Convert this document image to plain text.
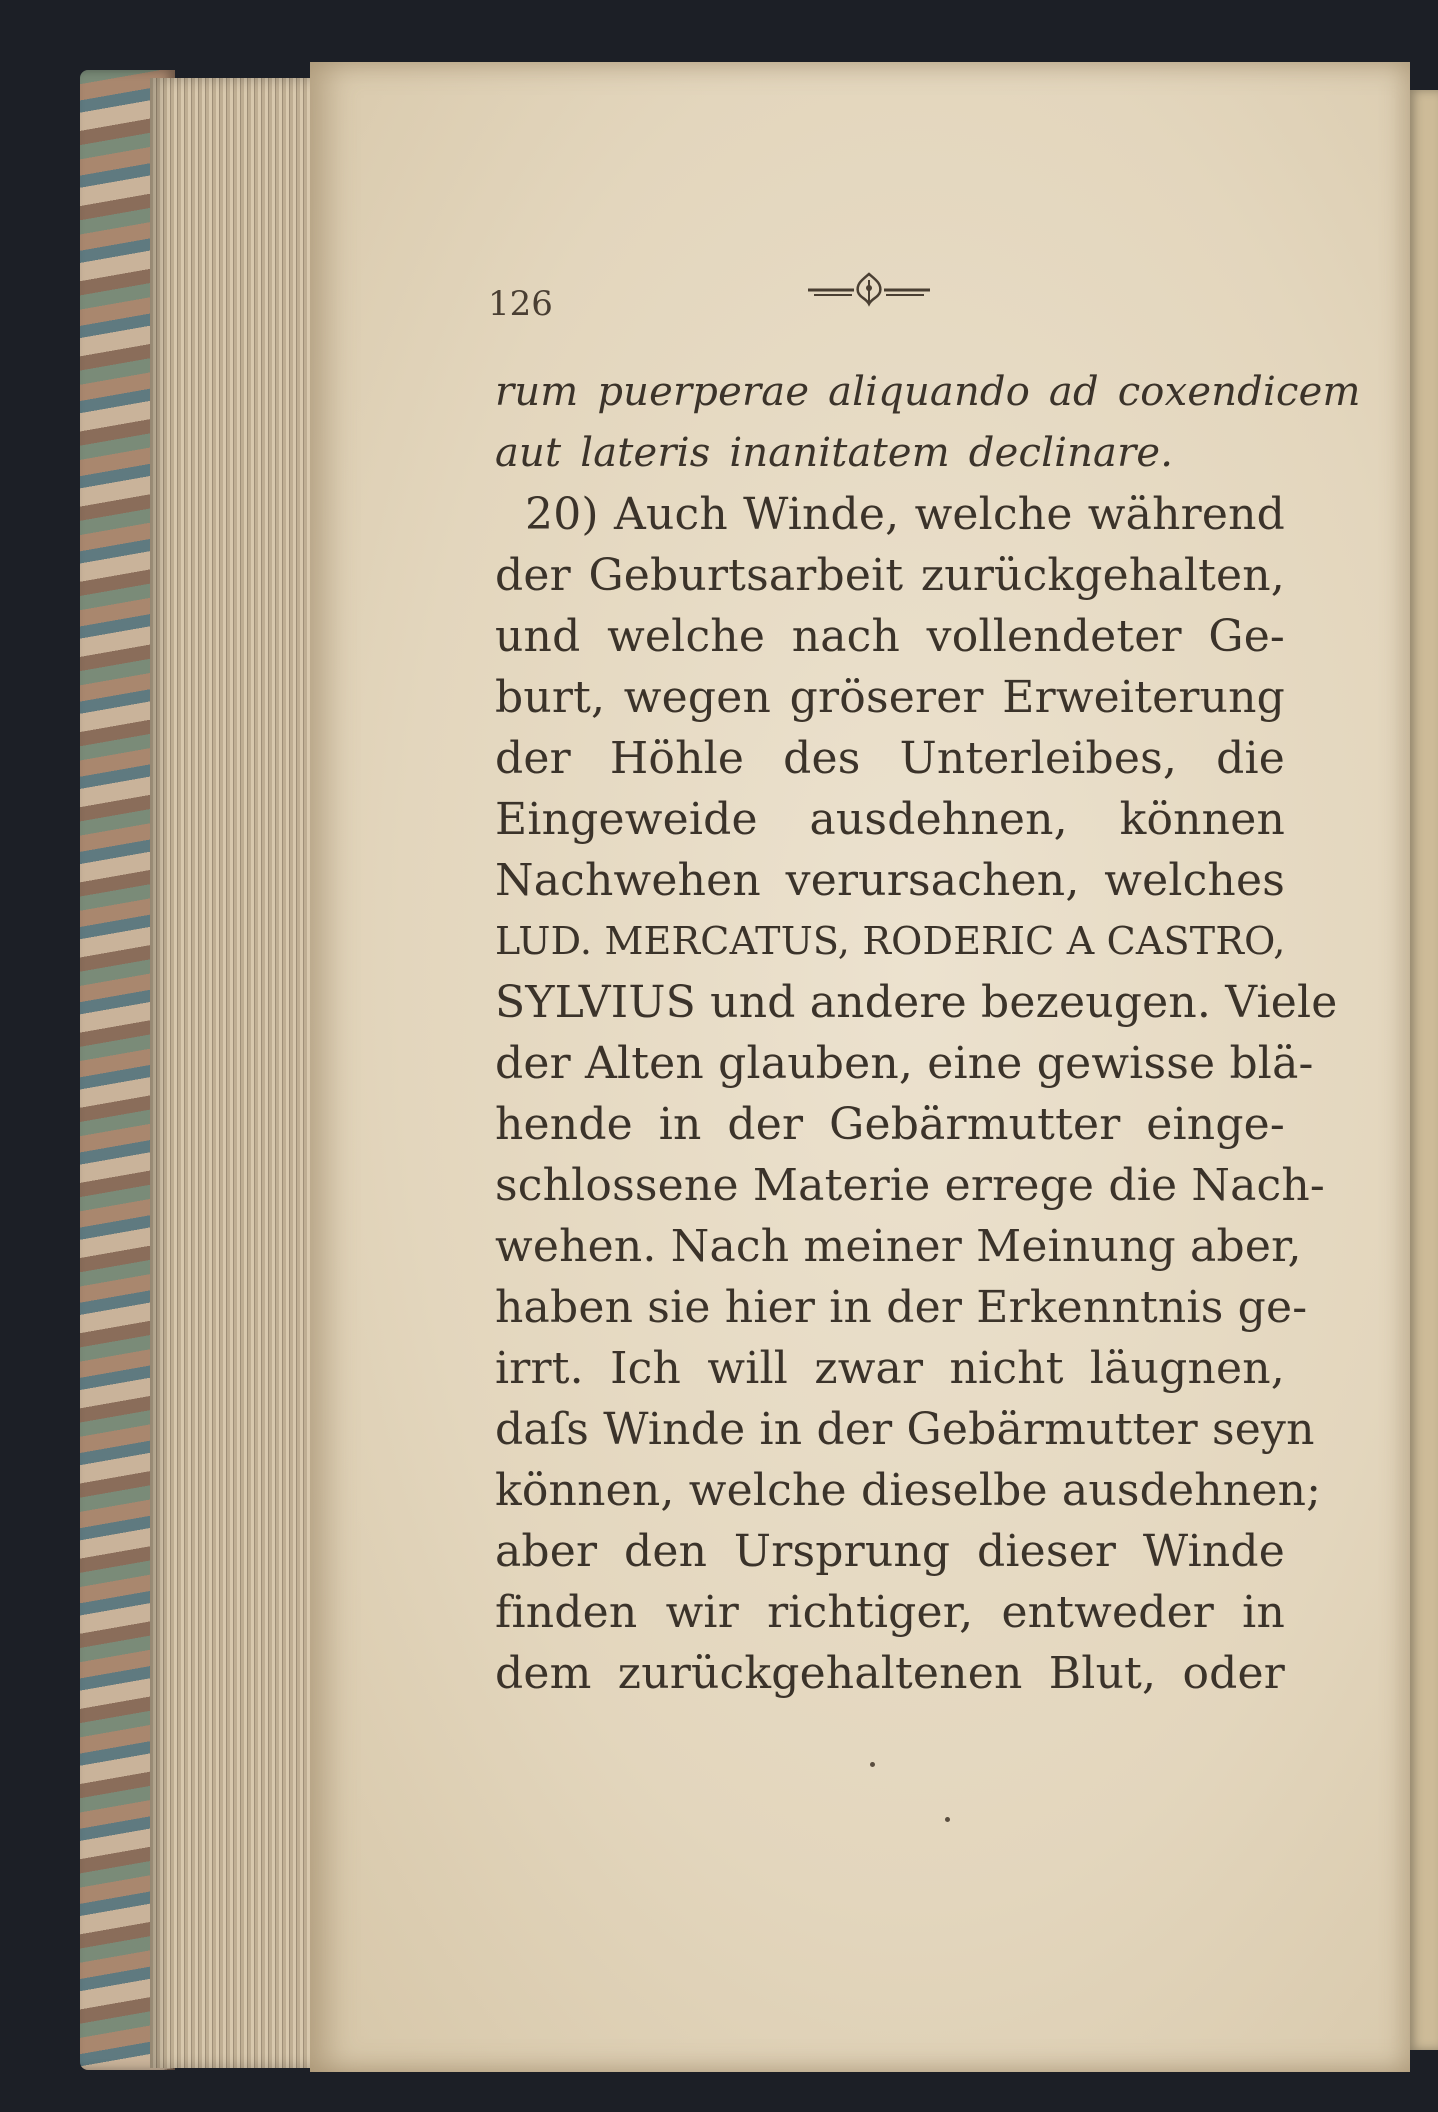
126

rum puerperae aliquando ad coxendicem
aut lateris inanitatem declinare.
20) Auch Winde, welche während
der Geburtsarbeit zurückgehalten,
und welche nach vollendeter Ge-
burt, wegen gröserer Erweiterung
der Höhle des Unterleibes, die
Eingeweide ausdehnen, können
Nachwehen verursachen, welches
LUD. MERCATUS, RODERIC A CASTRO,
SYLVIUS und andere bezeugen. Viele
der Alten glauben, eine gewisse blä-
hende in der Gebärmutter einge-
schlossene Materie errege die Nach-
wehen. Nach meiner Meinung aber,
haben sie hier in der Erkenntnis ge-
irrt. Ich will zwar nicht läugnen,
daſs Winde in der Gebärmutter seyn
können, welche dieselbe ausdehnen;
aber den Ursprung dieser Winde
finden wir richtiger, entweder in
dem zurückgehaltenen Blut, oder
